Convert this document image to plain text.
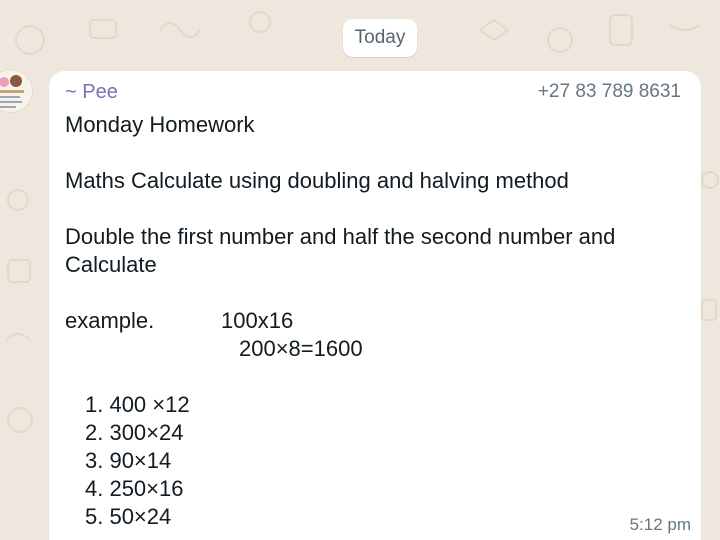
Today
~ Pee	+27 83 789 8631
Monday Homework
Maths Calculate using doubling and halving method
Double the first number and half the second number and
Calculate
example.	100x16
200×8=1600
1. 400 ×12
2. 300×24
3. 90×14
4. 250×16
5. 50×24	5:12 pm
